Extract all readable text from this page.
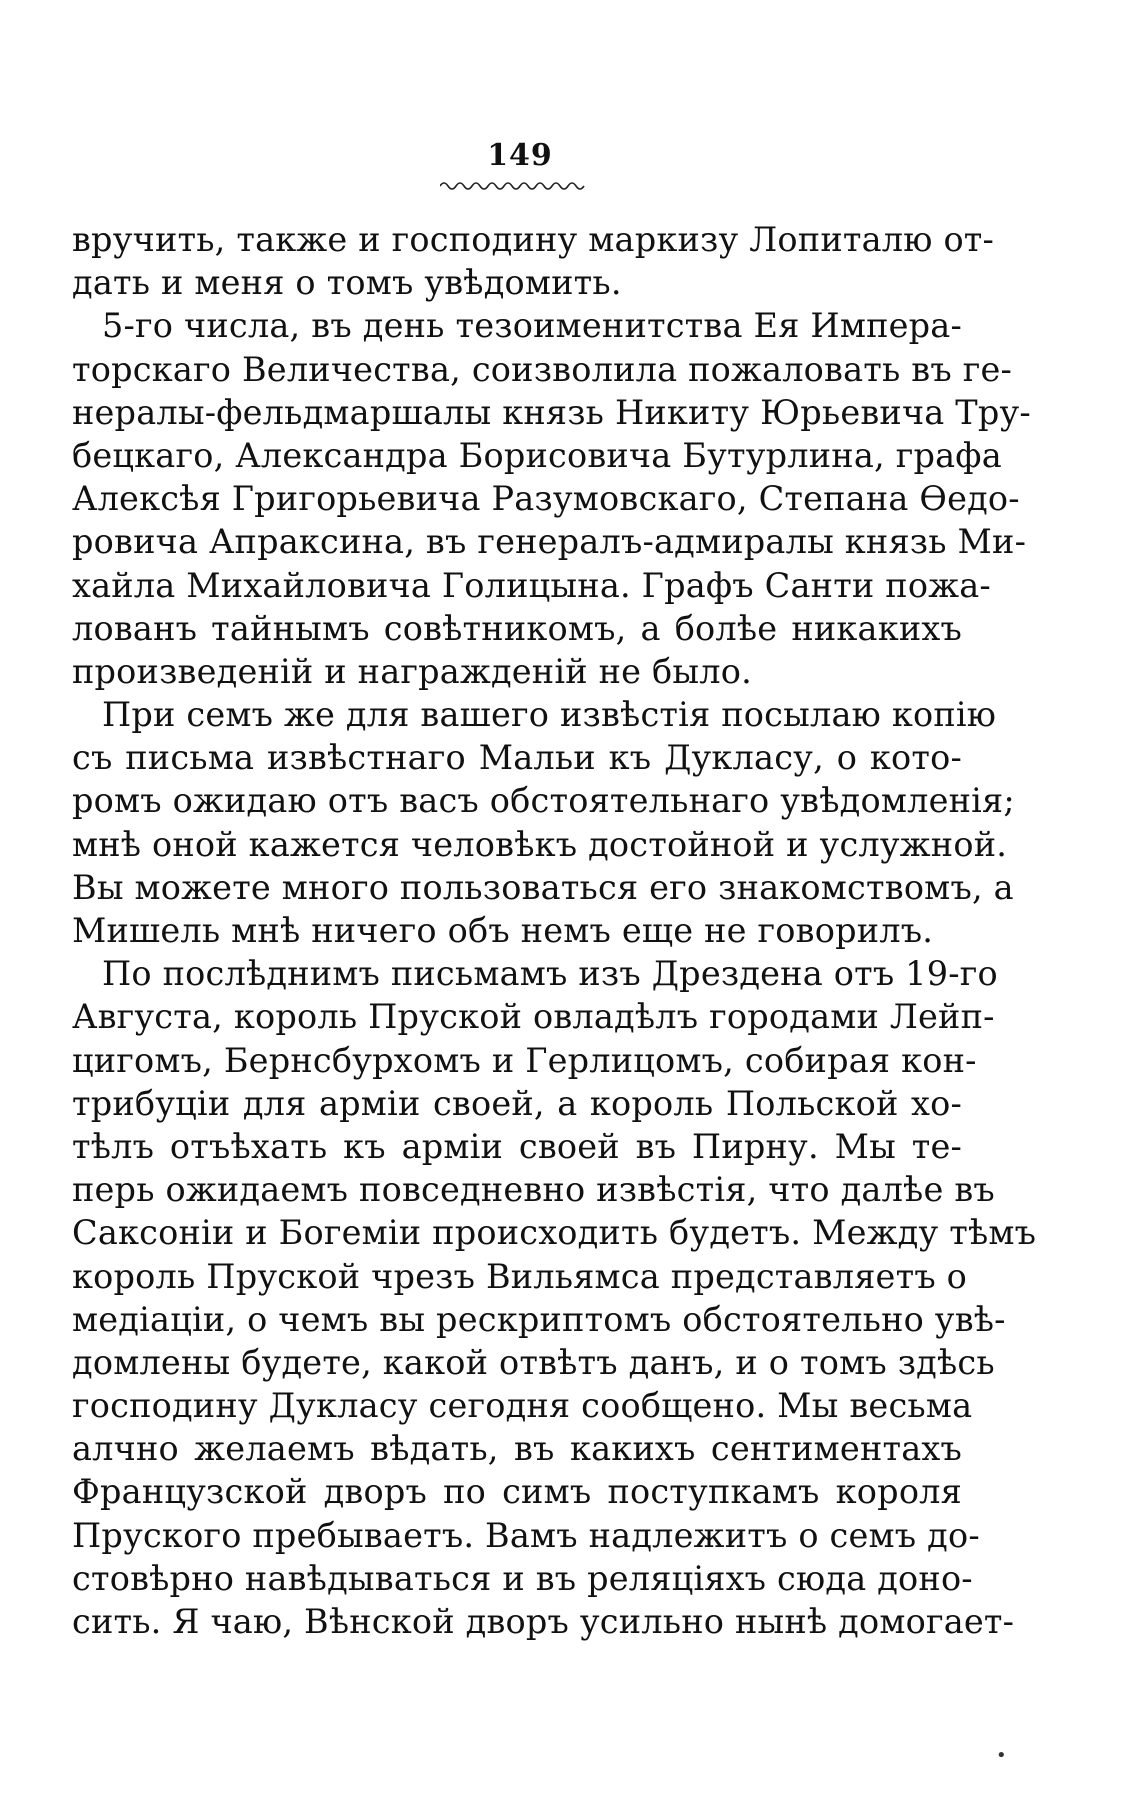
149
вручить, также и господину маркизу Лопиталю от-
дать и меня о томъ увѣдомить.
5-го числа, въ день тезоименитства Ея Импера-
торскаго Величества, соизволила пожаловать въ ге-
нералы-фельдмаршалы князь Никиту Юрьевича Тру-
бецкаго, Александра Борисовича Бутурлина, графа
Алексѣя Григорьевича Разумовскаго, Степана Ѳедо-
ровича Апраксина, въ генералъ-адмиралы князь Ми-
хайла Михайловича Голицына. Графъ Санти пожа-
лованъ тайнымъ совѣтникомъ, а болѣе никакихъ
произведеній и награжденій не было.
При семъ же для вашего извѣстія посылаю копію
съ письма извѣстнаго Мальи къ Дукласу, о кото-
ромъ ожидаю отъ васъ обстоятельнаго увѣдомленія;
мнѣ оной кажется человѣкъ достойной и услужной.
Вы можете много пользоваться его знакомствомъ, а
Мишель мнѣ ничего объ немъ еще не говорилъ.
По послѣднимъ письмамъ изъ Дрездена отъ 19-го
Августа, король Пруской овладѣлъ городами Лейп-
цигомъ, Бернсбурхомъ и Герлицомъ, собирая кон-
трибуціи для арміи своей, а король Польской хо-
тѣлъ отъѣхать къ арміи своей въ Пирну. Мы те-
перь ожидаемъ повседневно извѣстія, что далѣе въ
Саксоніи и Богеміи происходить будетъ. Между тѣмъ
король Пруской чрезъ Вильямса представляетъ о
медіаціи, о чемъ вы рескриптомъ обстоятельно увѣ-
домлены будете, какой отвѣтъ данъ, и о томъ здѣсь
господину Дукласу сегодня сообщено. Мы весьма
алчно желаемъ вѣдать, въ какихъ сентиментахъ
Французской дворъ по симъ поступкамъ короля
Пруского пребываетъ. Вамъ надлежитъ о семъ до-
стовѣрно навѣдываться и въ реляціяхъ сюда доно-
сить. Я чаю, Вѣнской дворъ усильно нынѣ домогает-
•
